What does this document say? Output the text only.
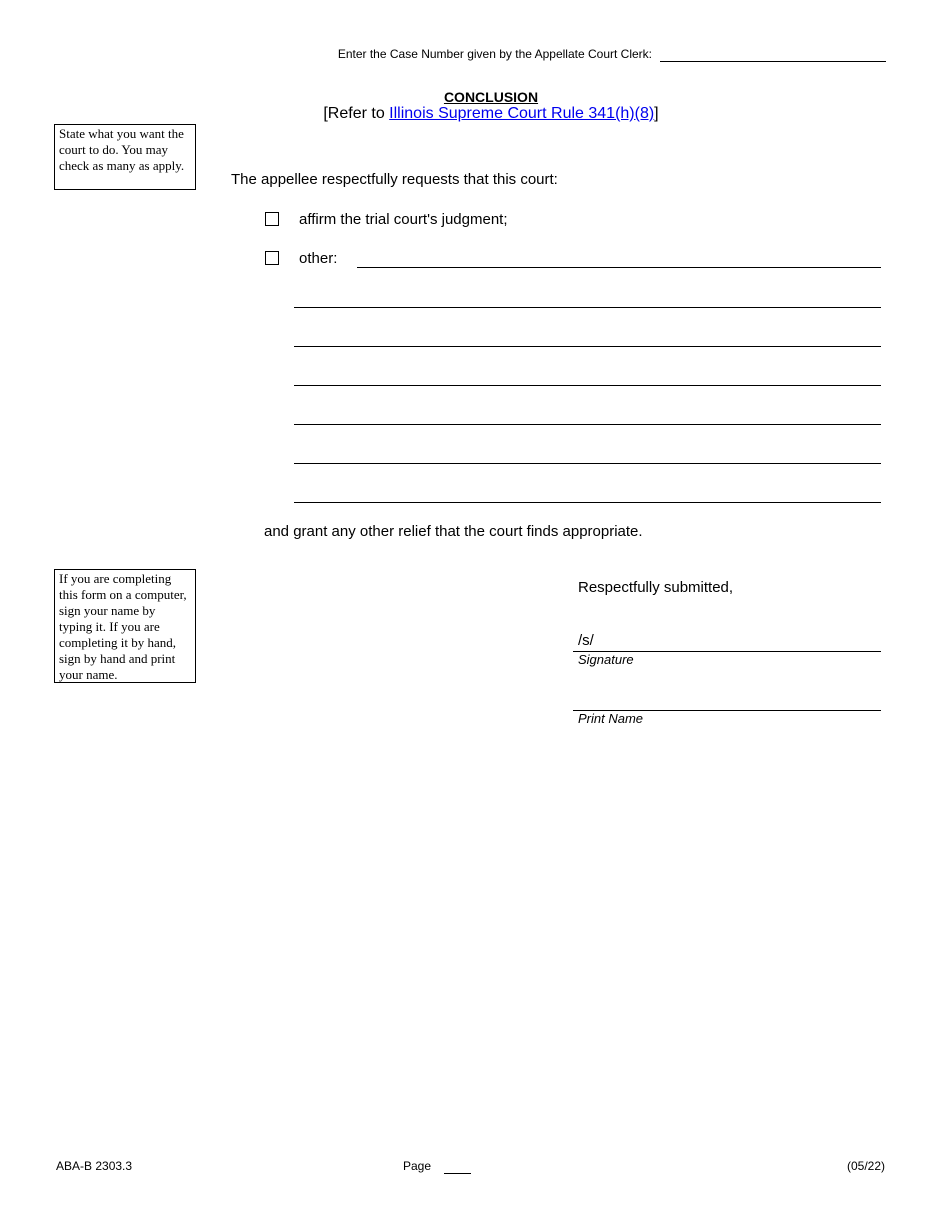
Enter the Case Number given by the Appellate Court Clerk:
CONCLUSION
[Refer to Illinois Supreme Court Rule 341(h)(8)]
State what you want the court to do. You may check as many as apply.
The appellee respectfully requests that this court:
affirm the trial court's judgment;
other:
and grant any other relief that the court finds appropriate.
If you are completing this form on a computer, sign your name by typing it. If you are completing it by hand, sign by hand and print your name.
Respectfully submitted,
/s/
Signature
Print Name
ABA-B 2303.3	Page	(05/22)
